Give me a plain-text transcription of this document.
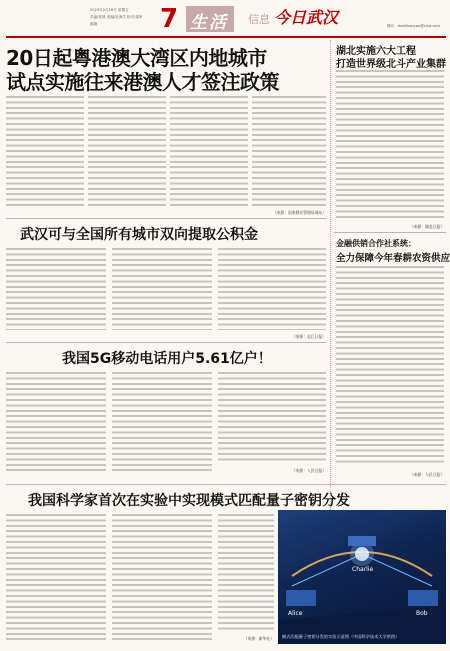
2023年2月16日 星期五
责编/张凯 美编/吴海生 校对/周军
邮箱：	7 生活 信息 今日武汉	网站：dushikaoyan@sina.com
20日起粤港澳大湾区内地城市
试点实施往来港澳人才签注政策
（来源：国家移民管理局网站）
湖北实施六大工程
打造世界级北斗产业集群
（来源：湖北日报）
武汉可与全国所有城市双向提取公积金
（来源：长江日报）
我国5G移动电话用户5.61亿户！
（来源：人民日报）
金融供销合作社系统：
全力保障今年春耕农资供应
（来源：人民日报）
我国科学家首次在实验中实现模式匹配量子密钥分发
（来源：新华社）
Alice
Charlie
Bob
模式匹配量子密钥分发的实验示意图（中国科学技术大学供图）
